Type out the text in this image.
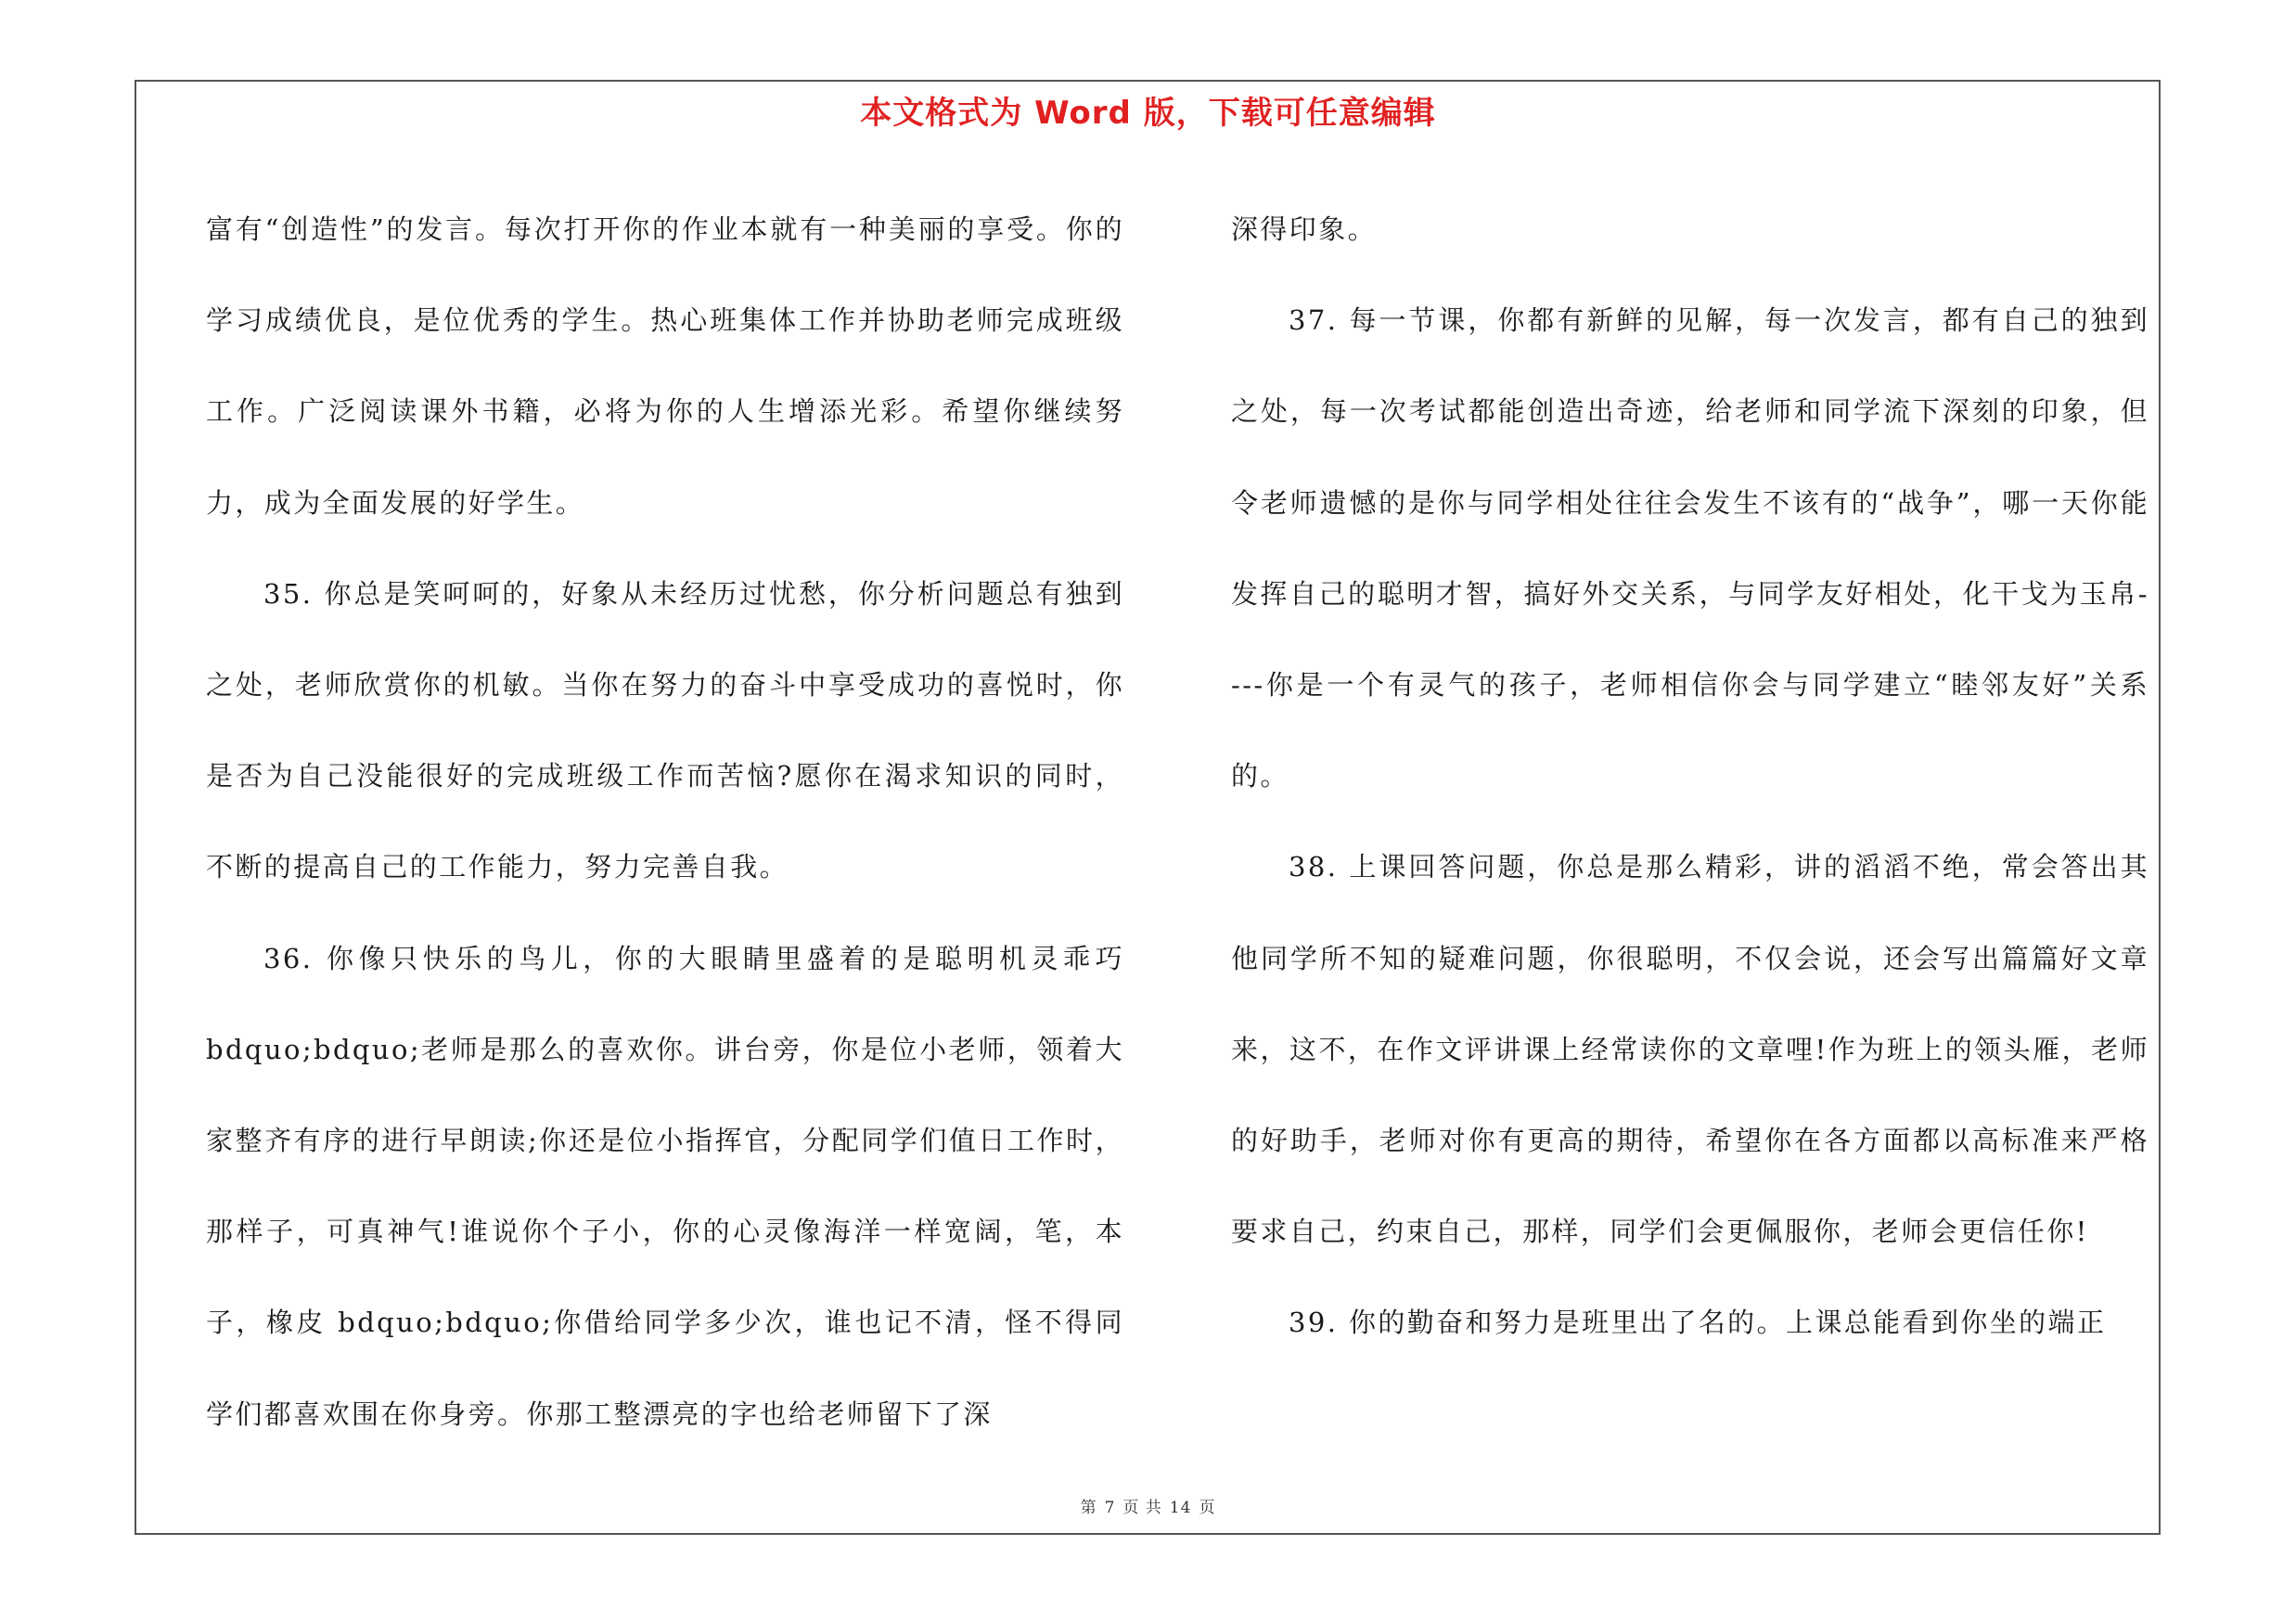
本文格式为 Word 版，下载可任意编辑

富有“创造性”的发言。每次打开你的作业本就有一种美丽的享受。你的学习成绩优良，是位优秀的学生。热心班集体工作并协助老师完成班级工作。广泛阅读课外书籍，必将为你的人生增添光彩。希望你继续努力，成为全面发展的好学生。

35. 你总是笑呵呵的，好象从未经历过忧愁，你分析问题总有独到之处，老师欣赏你的机敏。当你在努力的奋斗中享受成功的喜悦时，你是否为自己没能很好的完成班级工作而苦恼?愿你在渴求知识的同时，不断的提高自己的工作能力，努力完善自我。

36. 你像只快乐的鸟儿，你的大眼睛里盛着的是聪明机灵乖巧bdquo;bdquo;老师是那么的喜欢你。讲台旁，你是位小老师，领着大家整齐有序的进行早朗读;你还是位小指挥官，分配同学们值日工作时，那样子，可真神气!谁说你个子小，你的心灵像海洋一样宽阔，笔，本子，橡皮 bdquo;bdquo;你借给同学多少次，谁也记不清，怪不得同学们都喜欢围在你身旁。你那工整漂亮的字也给老师留下了深

深得印象。

37. 每一节课，你都有新鲜的见解，每一次发言，都有自己的独到之处，每一次考试都能创造出奇迹，给老师和同学流下深刻的印象，但令老师遗憾的是你与同学相处往往会发生不该有的“战争”，哪一天你能发挥自己的聪明才智，搞好外交关系，与同学友好相处，化干戈为玉帛----你是一个有灵气的孩子，老师相信你会与同学建立“睦邻友好”关系的。

38. 上课回答问题，你总是那么精彩，讲的滔滔不绝，常会答出其他同学所不知的疑难问题，你很聪明，不仅会说，还会写出篇篇好文章来，这不，在作文评讲课上经常读你的文章哩!作为班上的领头雁，老师的好助手，老师对你有更高的期待，希望你在各方面都以高标准来严格要求自己，约束自己，那样，同学们会更佩服你，老师会更信任你!

39. 你的勤奋和努力是班里出了名的。上课总能看到你坐的端正

第 7 页 共 14 页
